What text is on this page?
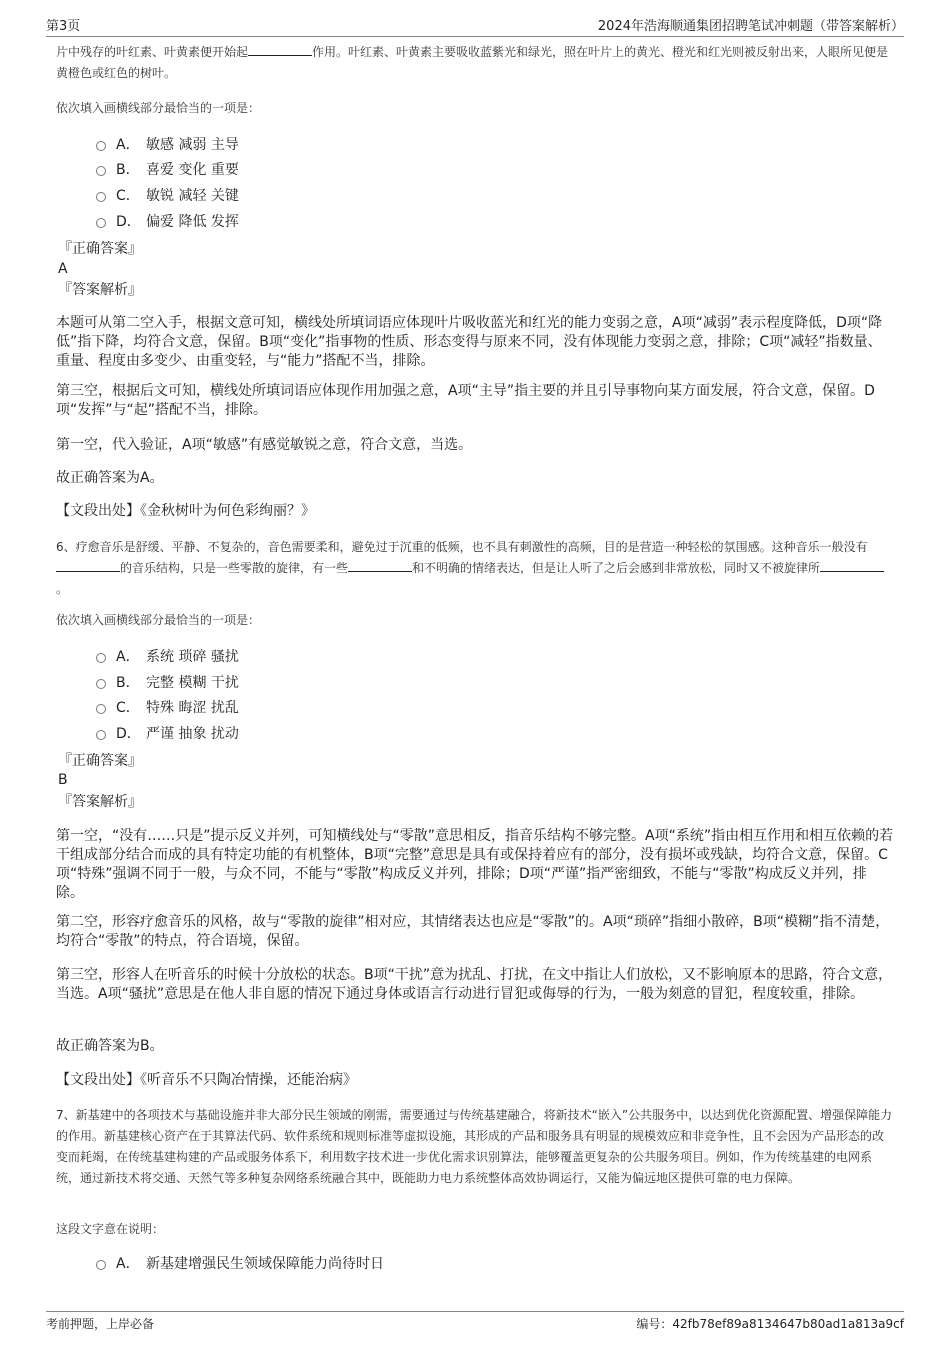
第3页	2024年浩海顺通集团招聘笔试冲刺题（带答案解析）
片中残存的叶红素、叶黄素便开始起	作用。叶红素、叶黄素主要吸收蓝紫光和绿光，照在叶片上的黄光、橙光和红光则被反射出来，人眼所见便是黄橙色或红色的树叶。
依次填入画横线部分最恰当的一项是：
A． 敏感 减弱 主导
B． 喜爱 变化 重要
C． 敏锐 减轻 关键
D． 偏爱 降低 发挥
『正确答案』
A
『答案解析』
本题可从第二空入手，根据文意可知，横线处所填词语应体现叶片吸收蓝光和红光的能力变弱之意，A项“减弱”表示程度降低，D项“降低”指下降，均符合文意，保留。B项“变化”指事物的性质、形态变得与原来不同，没有体现能力变弱之意，排除；C项“减轻”指数量、重量、程度由多变少、由重变轻，与“能力”搭配不当，排除。
第三空，根据后文可知，横线处所填词语应体现作用加强之意，A项“主导”指主要的并且引导事物向某方面发展，符合文意，保留。D项“发挥”与“起”搭配不当，排除。
第一空，代入验证，A项“敏感”有感觉敏锐之意，符合文意，当选。
故正确答案为A。
【文段出处】《金秋树叶为何色彩绚丽？》
6、疗愈音乐是舒缓、平静、不复杂的，音色需要柔和，避免过于沉重的低频，也不具有刺激性的高频，目的是营造一种轻松的氛围感。这种音乐一般没有的音乐结构，只是一些零散的旋律，有一些	和不明确的情绪表达，但是让人听了之后会感到非常放松，同时又不被旋律所。
依次填入画横线部分最恰当的一项是：
A． 系统 琐碎 骚扰
B． 完整 模糊 干扰
C． 特殊 晦涩 扰乱
D． 严谨 抽象 扰动
『正确答案』
B
『答案解析』
第一空，“没有……只是”提示反义并列，可知横线处与“零散”意思相反，指音乐结构不够完整。A项“系统”指由相互作用和相互依赖的若干组成部分结合而成的具有特定功能的有机整体，B项“完整”意思是具有或保持着应有的部分，没有损坏或残缺，均符合文意，保留。C项“特殊”强调不同于一般，与众不同，不能与“零散”构成反义并列，排除；D项“严谨”指严密细致，不能与“零散”构成反义并列，排除。
第二空，形容疗愈音乐的风格，故与“零散的旋律”相对应，其情绪表达也应是“零散”的。A项“琐碎”指细小散碎，B项“模糊”指不清楚，均符合“零散”的特点，符合语境，保留。
第三空，形容人在听音乐的时候十分放松的状态。B项“干扰”意为扰乱、打扰，在文中指让人们放松，又不影响原本的思路，符合文意，当选。A项“骚扰”意思是在他人非自愿的情况下通过身体或语言行动进行冒犯或侮辱的行为，一般为刻意的冒犯，程度较重，排除。
故正确答案为B。
【文段出处】《听音乐不只陶冶情操，还能治病》
7、新基建中的各项技术与基础设施并非大部分民生领域的刚需，需要通过与传统基建融合，将新技术“嵌入”公共服务中，以达到优化资源配置、增强保障能力的作用。新基建核心资产在于其算法代码、软件系统和规则标准等虚拟设施，其形成的产品和服务具有明显的规模效应和非竞争性，且不会因为产品形态的改变而耗竭，在传统基建构建的产品或服务体系下，利用数字技术进一步优化需求识别算法，能够覆盖更复杂的公共服务项目。例如，作为传统基建的电网系统，通过新技术将交通、天然气等多种复杂网络系统融合其中，既能助力电力系统整体高效协调运行，又能为偏远地区提供可靠的电力保障。
这段文字意在说明：
A． 新基建增强民生领域保障能力尚待时日
考前押题，上岸必备	编号：42fb78ef89a8134647b80ad1a813a9cf
